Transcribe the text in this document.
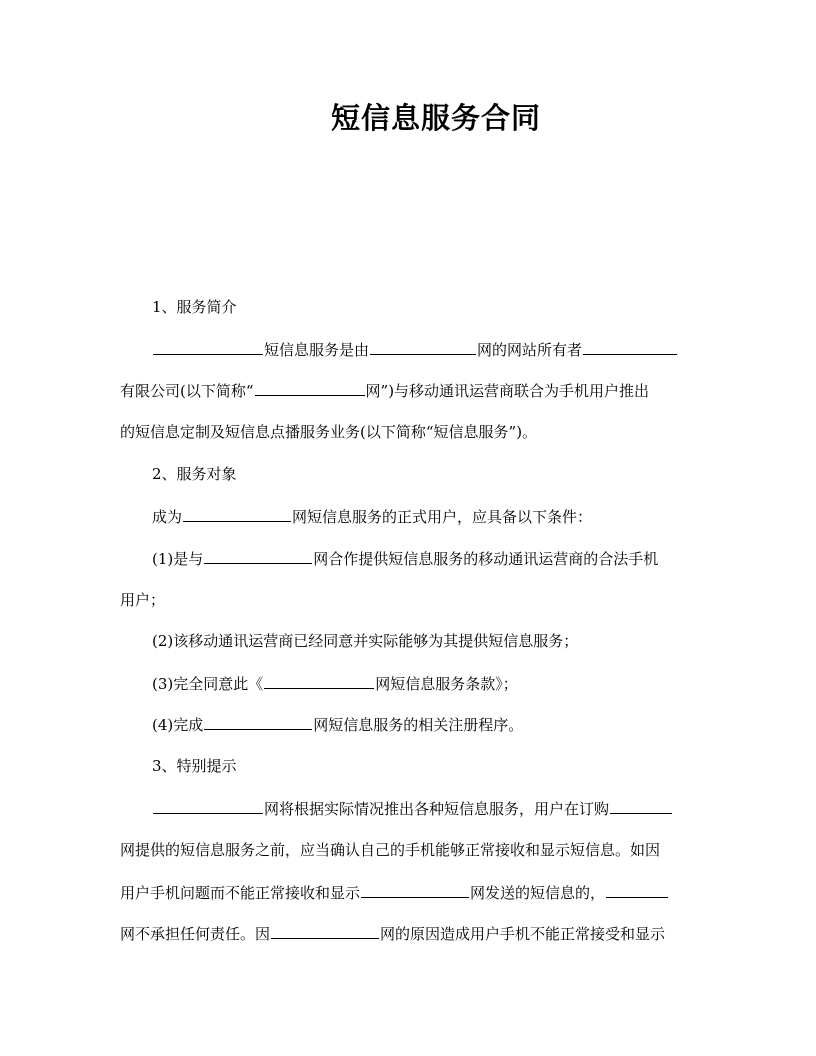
短信息服务合同
1、服务简介
短信息服务是由	网的网站所有者
有限公司(以下简称“	网”)与移动通讯运营商联合为手机用户推出
的短信息定制及短信息点播服务业务(以下简称“短信息服务”)。
2、服务对象
成为	网短信息服务的正式用户，应具备以下条件：
(1)是与	网合作提供短信息服务的移动通讯运营商的合法手机
用户；
(2)该移动通讯运营商已经同意并实际能够为其提供短信息服务；
(3)完全同意此《	网短信息服务条款》；
(4)完成	网短信息服务的相关注册程序。
3、特别提示
网将根据实际情况推出各种短信息服务，用户在订购
网提供的短信息服务之前，应当确认自己的手机能够正常接收和显示短信息。如因
用户手机问题而不能正常接收和显示	网发送的短信息的，
网不承担任何责任。因	网的原因造成用户手机不能正常接受和显示
